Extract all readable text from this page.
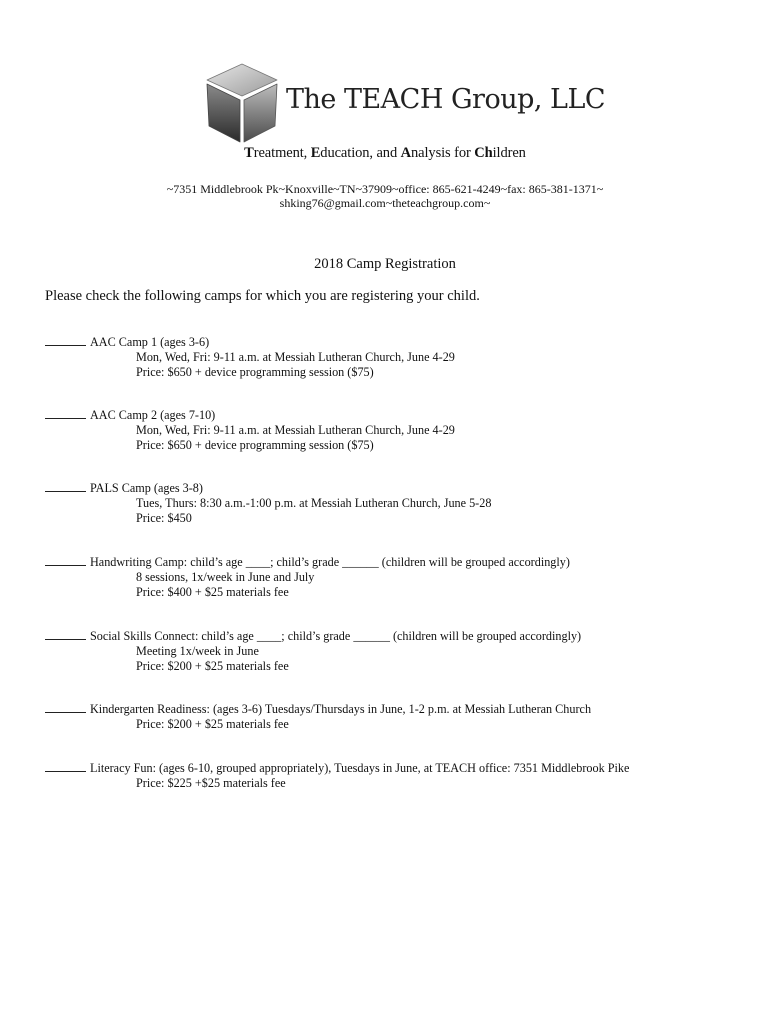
The TEACH Group, LLC
Treatment, Education, and Analysis for Children
~7351 Middlebrook Pk~Knoxville~TN~37909~office: 865-621-4249~fax: 865-381-1371~
shking76@gmail.com~theteachgroup.com~
2018 Camp Registration
Please check the following camps for which you are registering your child.
AAC Camp 1 (ages 3-6)
Mon, Wed, Fri: 9-11 a.m. at Messiah Lutheran Church, June 4-29
Price: $650 + device programming session ($75)
AAC Camp 2 (ages 7-10)
Mon, Wed, Fri: 9-11 a.m. at Messiah Lutheran Church, June 4-29
Price: $650 + device programming session ($75)
PALS Camp (ages 3-8)
Tues, Thurs: 8:30 a.m.-1:00 p.m. at Messiah Lutheran Church, June 5-28
Price: $450
Handwriting Camp: child’s age ____; child’s grade ______ (children will be grouped accordingly)
8 sessions, 1x/week in June and July
Price: $400 + $25 materials fee
Social Skills Connect: child’s age ____; child’s grade ______ (children will be grouped accordingly)
Meeting 1x/week in June
Price: $200 + $25 materials fee
Kindergarten Readiness: (ages 3-6) Tuesdays/Thursdays in June, 1-2 p.m. at Messiah Lutheran Church
Price: $200 + $25 materials fee
Literacy Fun: (ages 6-10, grouped appropriately), Tuesdays in June, at TEACH office: 7351 Middlebrook Pike
Price: $225 +$25 materials fee
